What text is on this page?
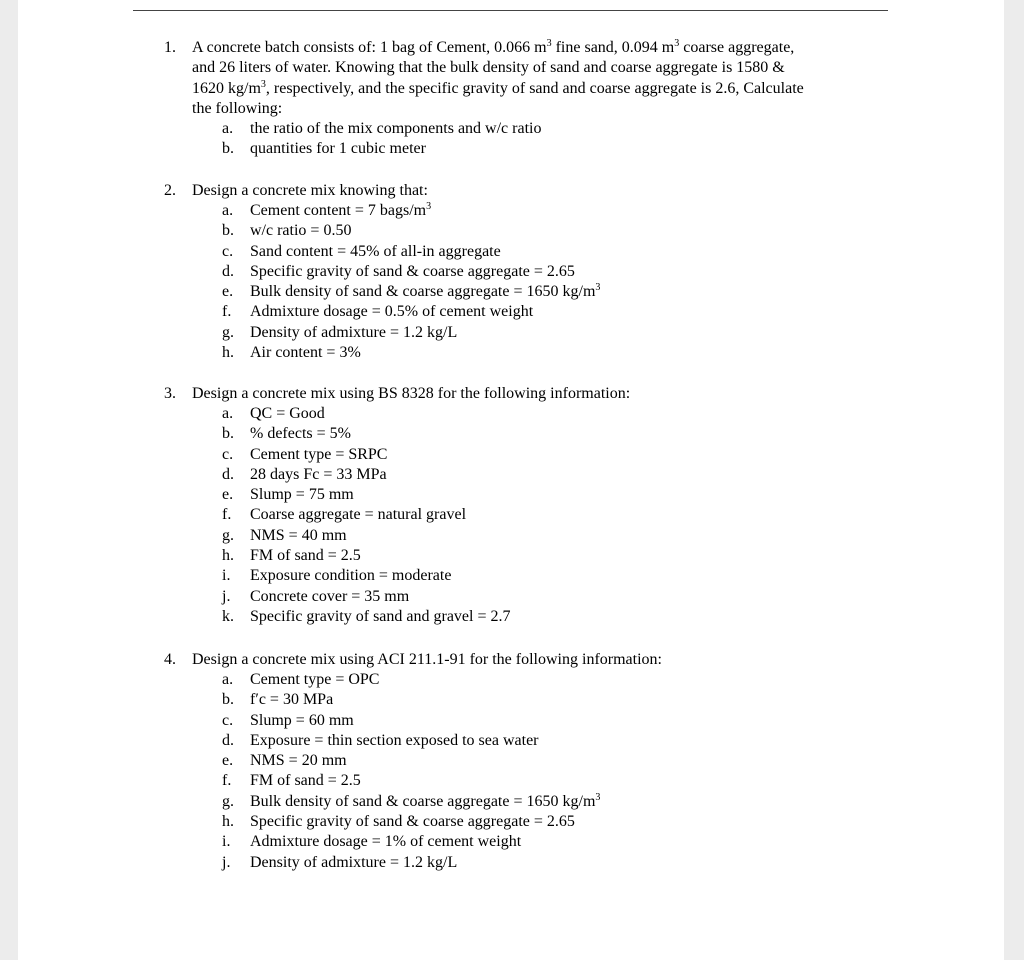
1. A concrete batch consists of: 1 bag of Cement, 0.066 $m^3$ fine sand, 0.094 $m^3$ coarse aggregate,
and 26 liters of water. Knowing that the bulk density of sand and coarse aggregate is 1580 &
1620 $kg/m^3$, respectively, and the specific gravity of sand and coarse aggregate is 2.6, Calculate
the following:
a. the ratio of the mix components and w/c ratio
b. quantities for 1 cubic meter
2. Design a concrete mix knowing that:
a. Cement content = 7 bags/$m^3$
b. w/c ratio = 0.50
c. Sand content = 45% of all-in aggregate
d. Specific gravity of sand & coarse aggregate = 2.65
e. Bulk density of sand & coarse aggregate = 1650 $kg/m^3$
f. Admixture dosage = 0.5% of cement weight
g. Density of admixture = 1.2 kg/L
h. Air content = 3%
3. Design a concrete mix using BS 8328 for the following information:
a. QC = Good
b. % defects = 5%
c. Cement type = SRPC
d. 28 days Fc = 33 MPa
e. Slump = 75 mm
f. Coarse aggregate = natural gravel
g. NMS = 40 mm
h. FM of sand = 2.5
i. Exposure condition = moderate
j. Concrete cover = 35 mm
k. Specific gravity of sand and gravel = 2.7
4. Design a concrete mix using ACI 211.1-91 for the following information:
a. Cement type = OPC
b. f′c = 30 MPa
c. Slump = 60 mm
d. Exposure = thin section exposed to sea water
e. NMS = 20 mm
f. FM of sand = 2.5
g. Bulk density of sand & coarse aggregate = 1650 $kg/m^3$
h. Specific gravity of sand & coarse aggregate = 2.65
i. Admixture dosage = 1% of cement weight
j. Density of admixture = 1.2 kg/L
